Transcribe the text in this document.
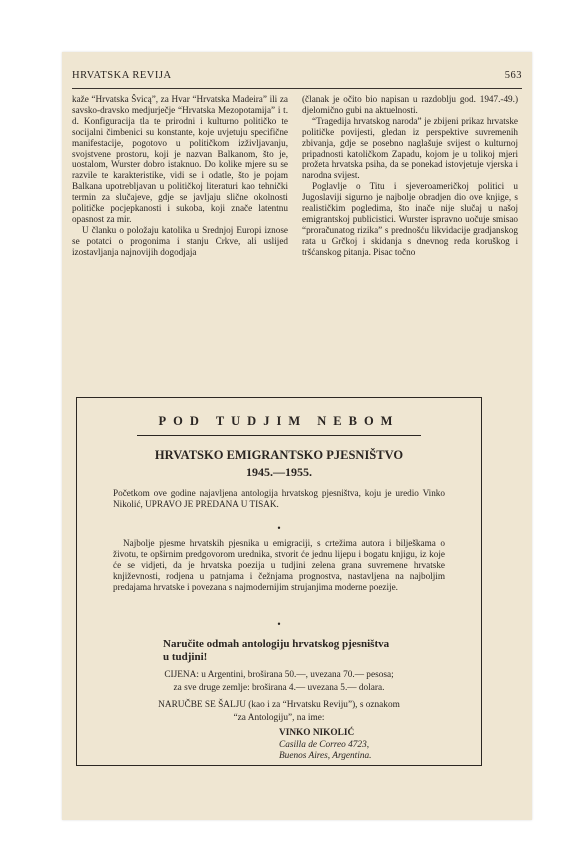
HRVATSKA REVIJA	563

kaže “Hrvatska Švicą”, za Hvar “Hrvatska Madeira” ili za savsko-dravsko medjurječje “Hrvatska Mezopotamija” i t. d. Konfiguracija tla te prirodni i kulturno političko te socijalni čimbenici su konstante, koje uvjetuju specifične manifestacije, pogotovo u političkom izživljavanju, svojstvene prostoru, koji je nazvan Balkanom, što je, uostalom, Wurster dobro istaknuo. Do kolike mjere su se razvile te karakteristike, vidi se i odatle, što je pojam Balkana upotrebljavan u političkoj literaturi kao tehnički termin za slučajeve, gdje se javljaju slične okolnosti političke pocjepkanosti i sukoba, koji znače latentnu opasnost za mir.

U članku o položaju katolika u Srednjoj Europi iznose se potatci o progonima i stanju Crkve, ali uslijed izostavljanja najnovijih dogodjaja

(članak je očito bio napisan u razdoblju god. 1947.-49.) djelomično gubi na aktuelnosti.

“Tragedija hrvatskog naroda” je zbijeni prikaz hrvatske političke povijesti, gledan iz perspektive suvremenih zbivanja, gdje se posebno naglašuje svijest o kulturnoj pripadnosti katoličkom Zapadu, kojom je u tolikoj mjeri prožeta hrvatska psiha, da se ponekad istovjetuje vjerska i narodna svijest.

Poglavlje o Titu i sjeveroameričkoj politici u Jugoslaviji sigurno je najbolje obradjen dio ove knjige, s realističkim pogledima, što inače nije slučaj u našoj emigrantskoj publicistici. Wurster ispravno uočuje smisao “proračunatog rizika” s prednošću likvidacije gradjanskog rata u Grčkoj i skidanja s dnevnog reda koruškog i tršćanskog pitanja. Pisac točno

POD TUDJIM NEBOM
HRVATSKO EMIGRANTSKO PJESNIŠTVO
1945.—1955.

Početkom ove godine najavljena antologija hrvatskog pjesništva, koju je uredio Vinko Nikolić, UPRAVO JE PREDANA U TISAK.

•

Najbolje pjesme hrvatskih pjesnika u emigraciji, s crtežima autora i bilješkama o životu, te opširnim predgovorom urednika, stvorit će jednu lijepu i bogatu knjigu, iz koje će se vidjeti, da je hrvatska poezija u tudjini zelena grana suvremene hrvatske književnosti, rodjena u patnjama i čežnjama prognostva, nastavljena na najboljim predajama hrvatske i povezana s najmodernijim strujanjima moderne poezije.

•
Naručite odmah antologiju hrvatskog pjesništva
u tudjini!
CIJENA: u Argentini, broširana 50.—, uvezana 70.— pesosa;
za sve druge zemlje: broširana 4.— uvezana 5.— dolara.
NARUČBE SE ŠALJU (kao i za “Hrvatsku Reviju”), s oznakom
“za Antologiju”, na ime:
VINKO NIKOLIĆ
Casilla de Correo 4723,
Buenos Aires, Argentina.
